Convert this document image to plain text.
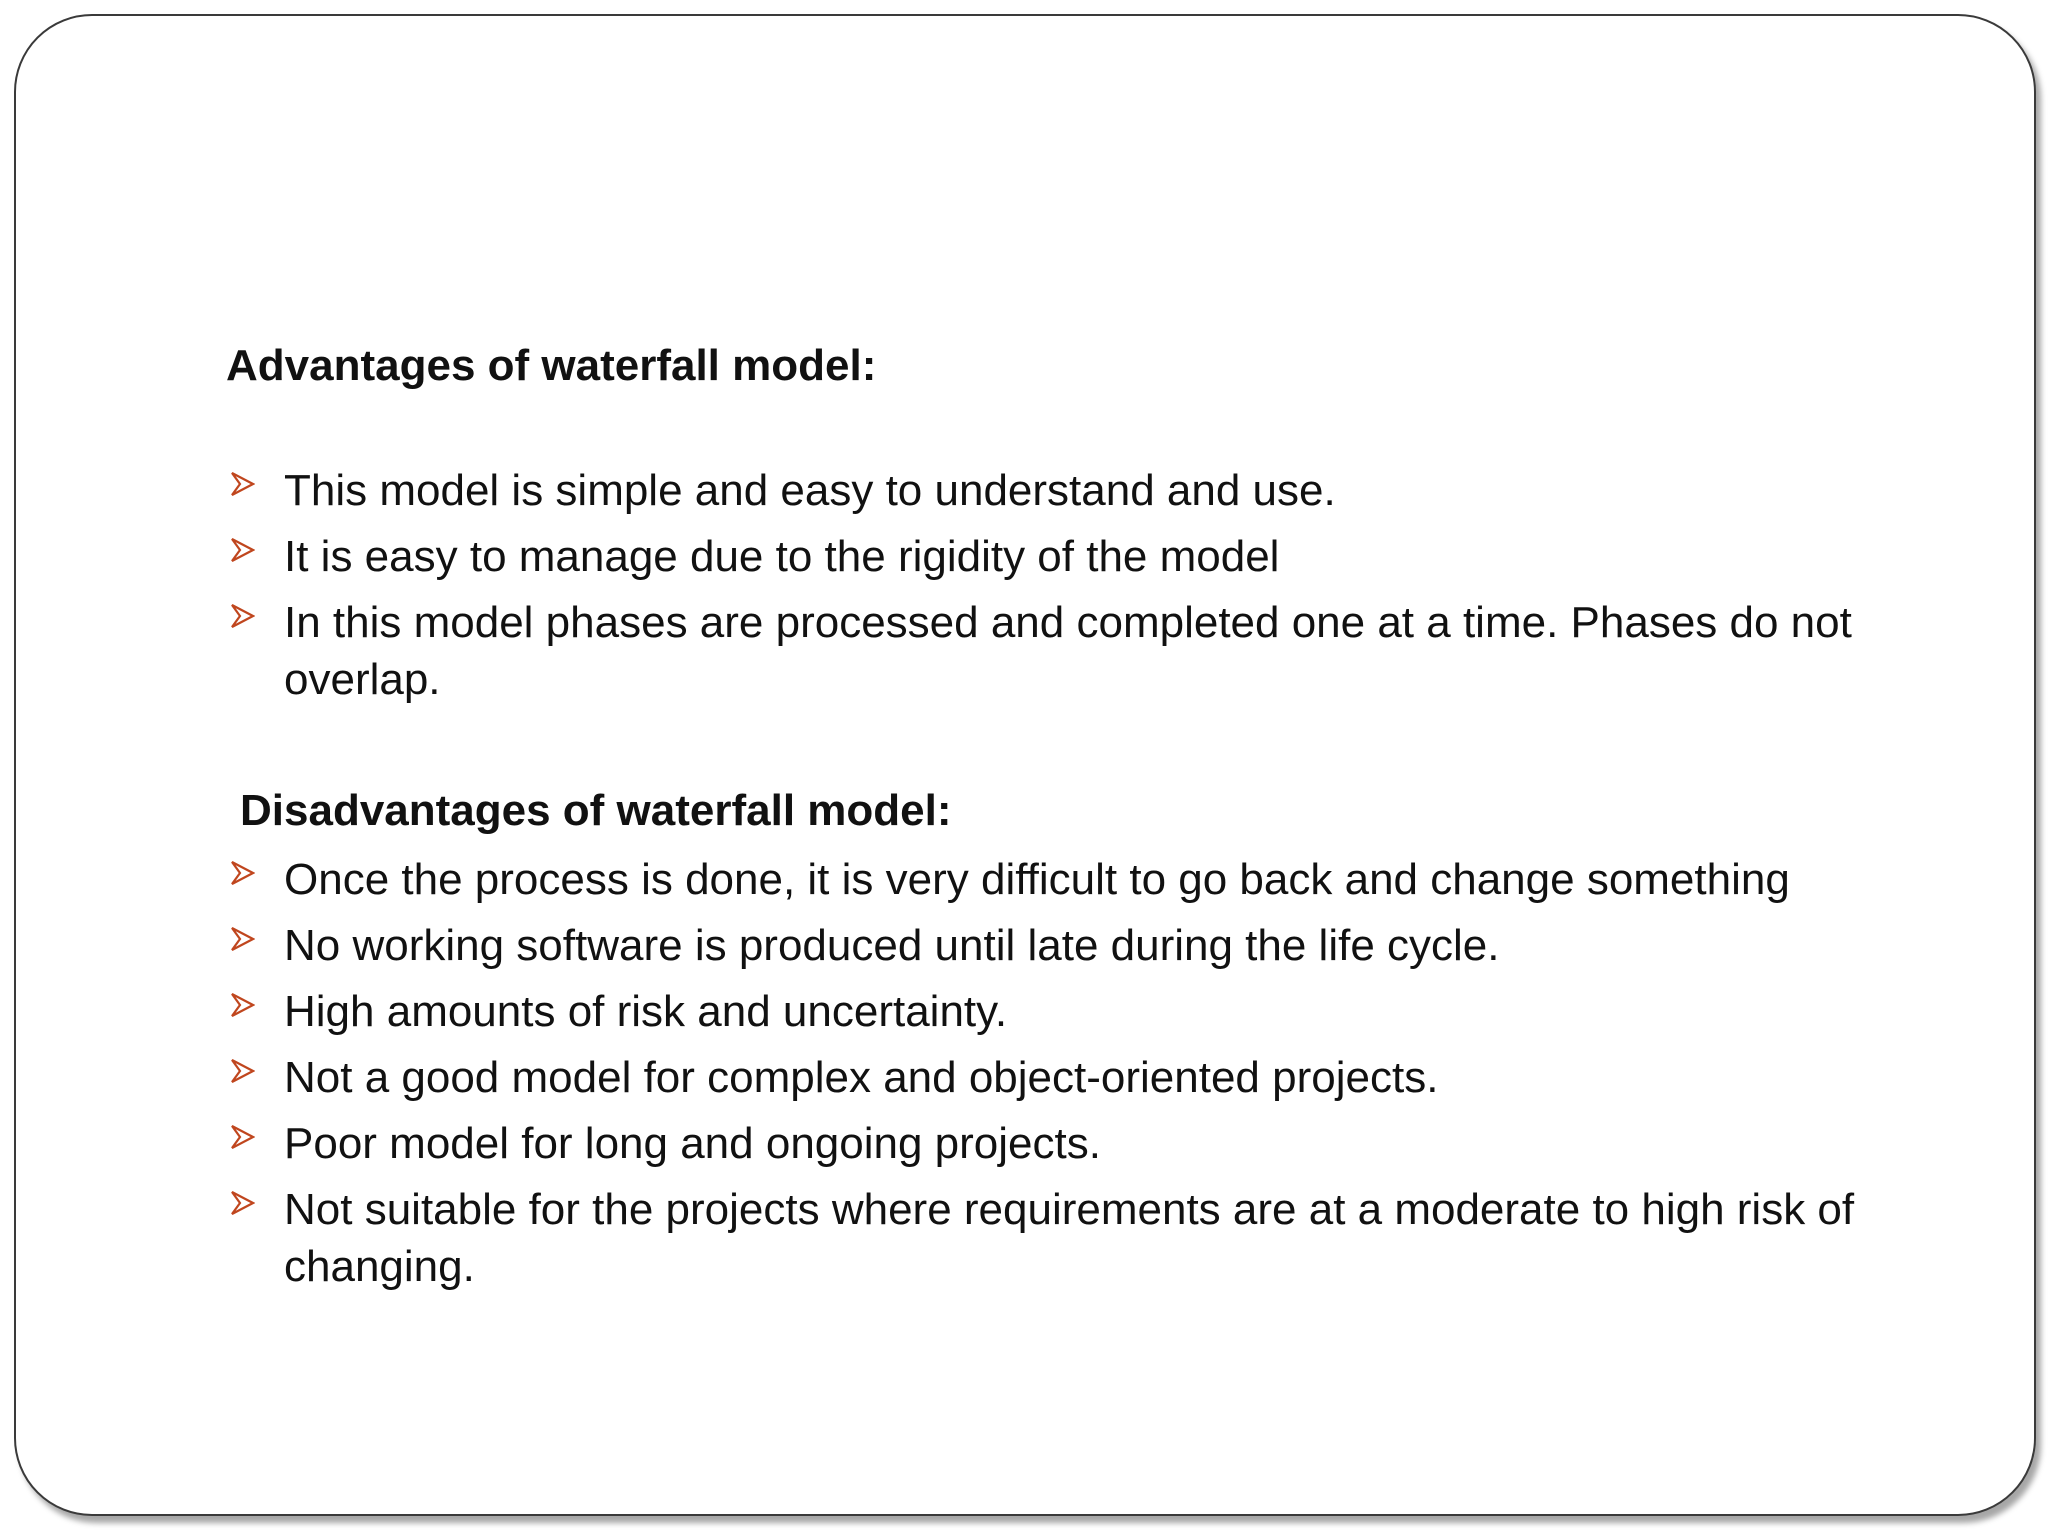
Advantages of waterfall model:
This model is simple and easy to understand and use.
It is easy to manage due to the rigidity of the model
In this model phases are processed and completed one at a time. Phases do not overlap.
Disadvantages of waterfall model:
Once the process is done, it is very difficult to go back and change something
No working software is produced until late during the life cycle.
High amounts of risk and uncertainty.
Not a good model for complex and object-oriented projects.
Poor model for long and ongoing projects.
Not suitable for the projects where requirements are at a moderate to high risk of changing.
